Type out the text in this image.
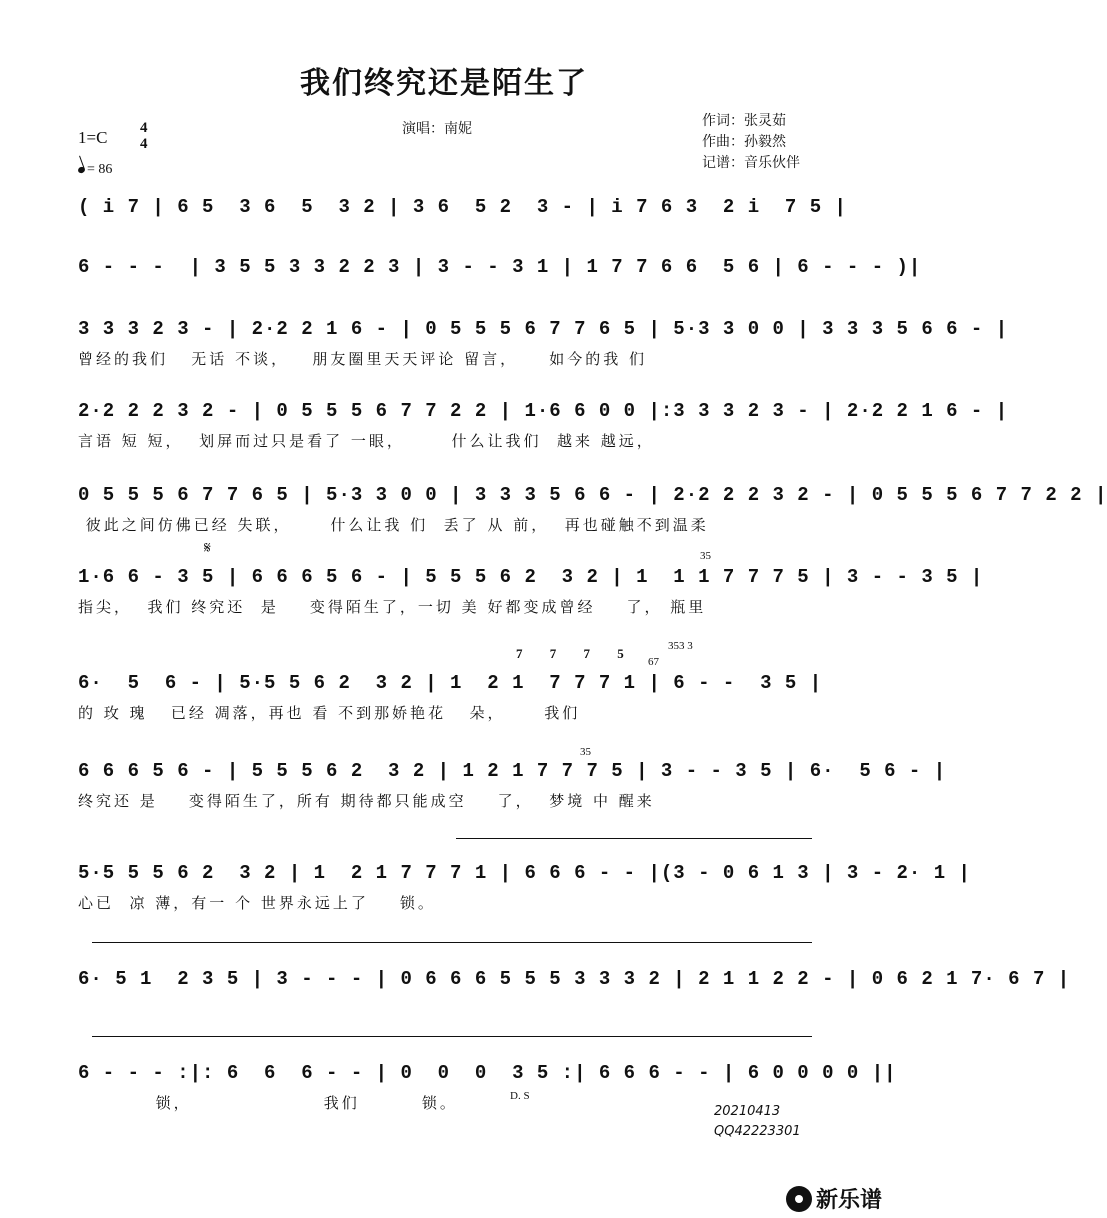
我们终究还是陌生了
演唱：南妮	作词：张灵茹
作曲：孙毅然
记谱：音乐伙伴
1=C 4
4
= 86
( i 7 | 6 5  3 6  5  3 2 | 3 6  5 2  3 - | i 7 6 3  2 i  7 5 |
6 - - -  | 3 5 5 3 3 2 2 3 | 3 - - 3 1 | 1 7 7 6 6  5 6 | 6 - - - )|
3 3 3 2 3 - | 2·2 2 1 6 - | 0 5 5 5 6 7 7 6 5 | 5·3 3 0 0 | 3 3 3 5 6 6 - |
曾经的我们   无话 不谈，   朋友圈里天天评论 留言，    如今的我 们
2·2 2 2 3 2 - | 0 5 5 5 6 7 7 2 2 | 1·6 6 0 0 |:3 3 3 2 3 - | 2·2 2 1 6 - |
言语 短 短，  划屏而过只是看了 一眼，      什么让我们  越来 越远，
0 5 5 5 6 7 7 6 5 | 5·3 3 0 0 | 3 3 3 5 6 6 - | 2·2 2 2 3 2 - | 0 5 5 5 6 7 7 2 2 |
彼此之间仿佛已经 失联，     什么让我 们  丢了 从 前，  再也碰触不到温柔
1·6 6 - 3 5 | 6 6 6 5 6 - | 5 5 5 6 2  3 2 | 1  1 1 7 7 7 5 | 3 - - 3 5 |
指尖，  我们 终究还  是    变得陌生了，一切 美 好都变成曾经    了， 瓶里
6·  5  6 - | 5·5 5 6 2  3 2 | 1  2 1  7 7 7 1 | 6 - -  3 5 |
的 玫 瑰   已经 凋落，再也 看 不到那娇艳花   朵，     我们
6 6 6 5 6 - | 5 5 5 6 2  3 2 | 1 2 1 7 7 7 5 | 3 - - 3 5 | 6·  5 6 - |
终究还 是    变得陌生了，所有 期待都只能成空    了，  梦境 中 醒来
5·5 5 5 6 2  3 2 | 1  2 1 7 7 7 1 | 6 6 6 - - |(3 - 0 6 1 3 | 3 - 2· 1 |
心已  凉 薄，有一 个 世界永远上了    锁。
6· 5 1  2 3 5 | 3 - - - | 0 6 6 6 5 5 5 3 3 3 2 | 2 1 1 2 2 - | 0 6 2 1 7· 6 7 |
6 - - - :|: 6  6  6 - - | 0  0  0  3 5 :| 6 6 6 - - | 6 0 0 0 0 ||
锁，                 我们        锁。
𝄋	35
67
353 3
35
7 7 7 5
D. S
20210413
QQ42223301
新乐谱
